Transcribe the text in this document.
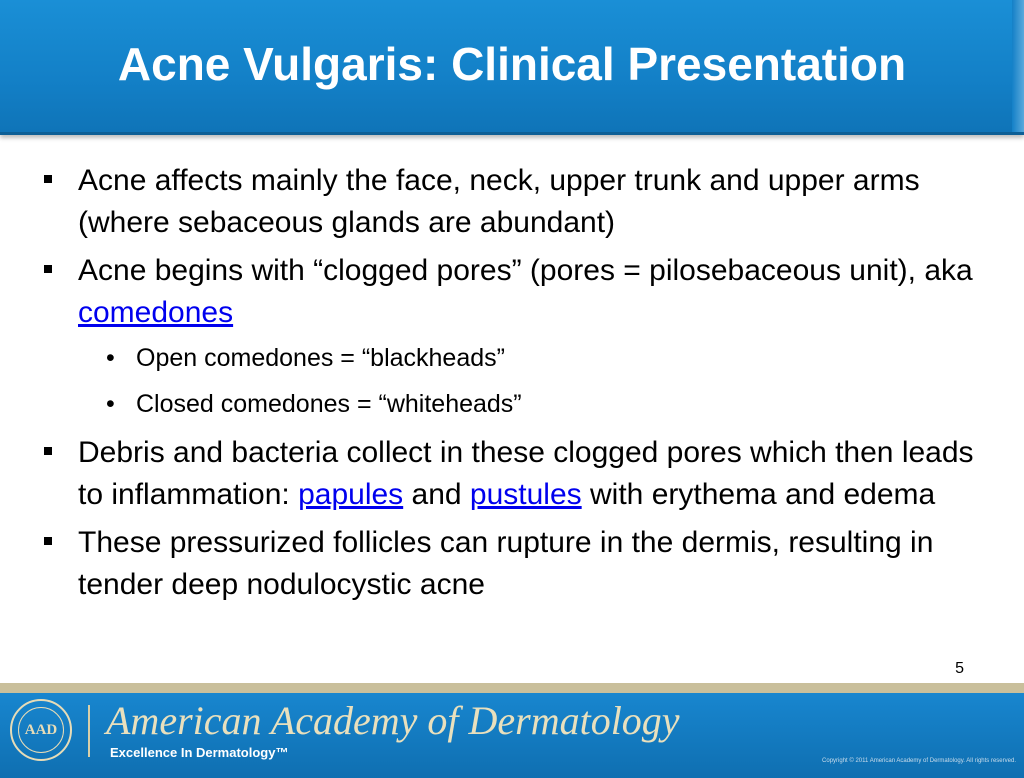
Acne Vulgaris: Clinical Presentation
Acne affects mainly the face, neck, upper trunk and upper arms (where sebaceous glands are abundant)
Acne begins with “clogged pores” (pores = pilosebaceous unit), aka comedones
• Open comedones = “blackheads”
• Closed comedones = “whiteheads”
Debris and bacteria collect in these clogged pores which then leads to inflammation: papules and pustules with erythema and edema
These pressurized follicles can rupture in the dermis, resulting in tender deep nodulocystic acne
5
AAD American Academy of Dermatology
Excellence In Dermatology™
Copyright © 2011 American Academy of Dermatology. All rights reserved.
